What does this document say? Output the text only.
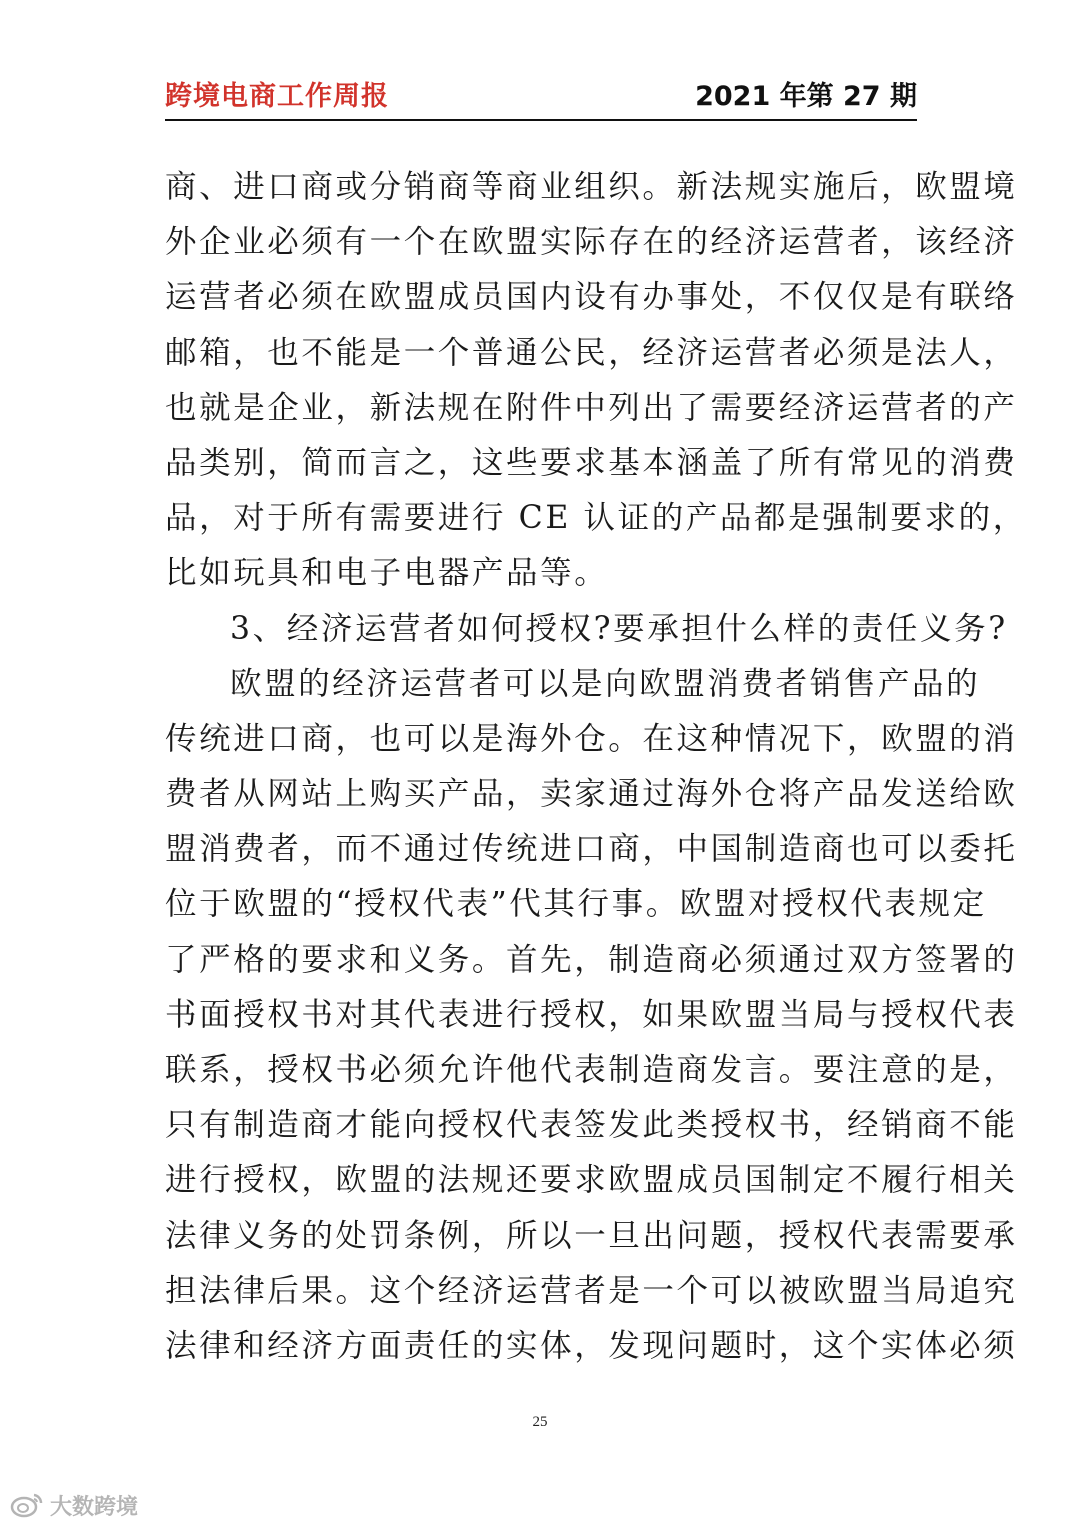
跨境电商工作周报	2021 年第 27 期
商、进口商或分销商等商业组织。新法规实施后，欧盟境
外企业必须有一个在欧盟实际存在的经济运营者，该经济
运营者必须在欧盟成员国内设有办事处，不仅仅是有联络
邮箱，也不能是一个普通公民，经济运营者必须是法人，
也就是企业，新法规在附件中列出了需要经济运营者的产
品类别，简而言之，这些要求基本涵盖了所有常见的消费
品，对于所有需要进行 CE 认证的产品都是强制要求的，
比如玩具和电子电器产品等。
3、经济运营者如何授权?要承担什么样的责任义务?
欧盟的经济运营者可以是向欧盟消费者销售产品的
传统进口商，也可以是海外仓。在这种情况下，欧盟的消
费者从网站上购买产品，卖家通过海外仓将产品发送给欧
盟消费者，而不通过传统进口商，中国制造商也可以委托
位于欧盟的“授权代表”代其行事。欧盟对授权代表规定
了严格的要求和义务。首先，制造商必须通过双方签署的
书面授权书对其代表进行授权，如果欧盟当局与授权代表
联系，授权书必须允许他代表制造商发言。要注意的是，
只有制造商才能向授权代表签发此类授权书，经销商不能
进行授权，欧盟的法规还要求欧盟成员国制定不履行相关
法律义务的处罚条例，所以一旦出问题，授权代表需要承
担法律后果。这个经济运营者是一个可以被欧盟当局追究
法律和经济方面责任的实体，发现问题时，这个实体必须
25
大数跨境
